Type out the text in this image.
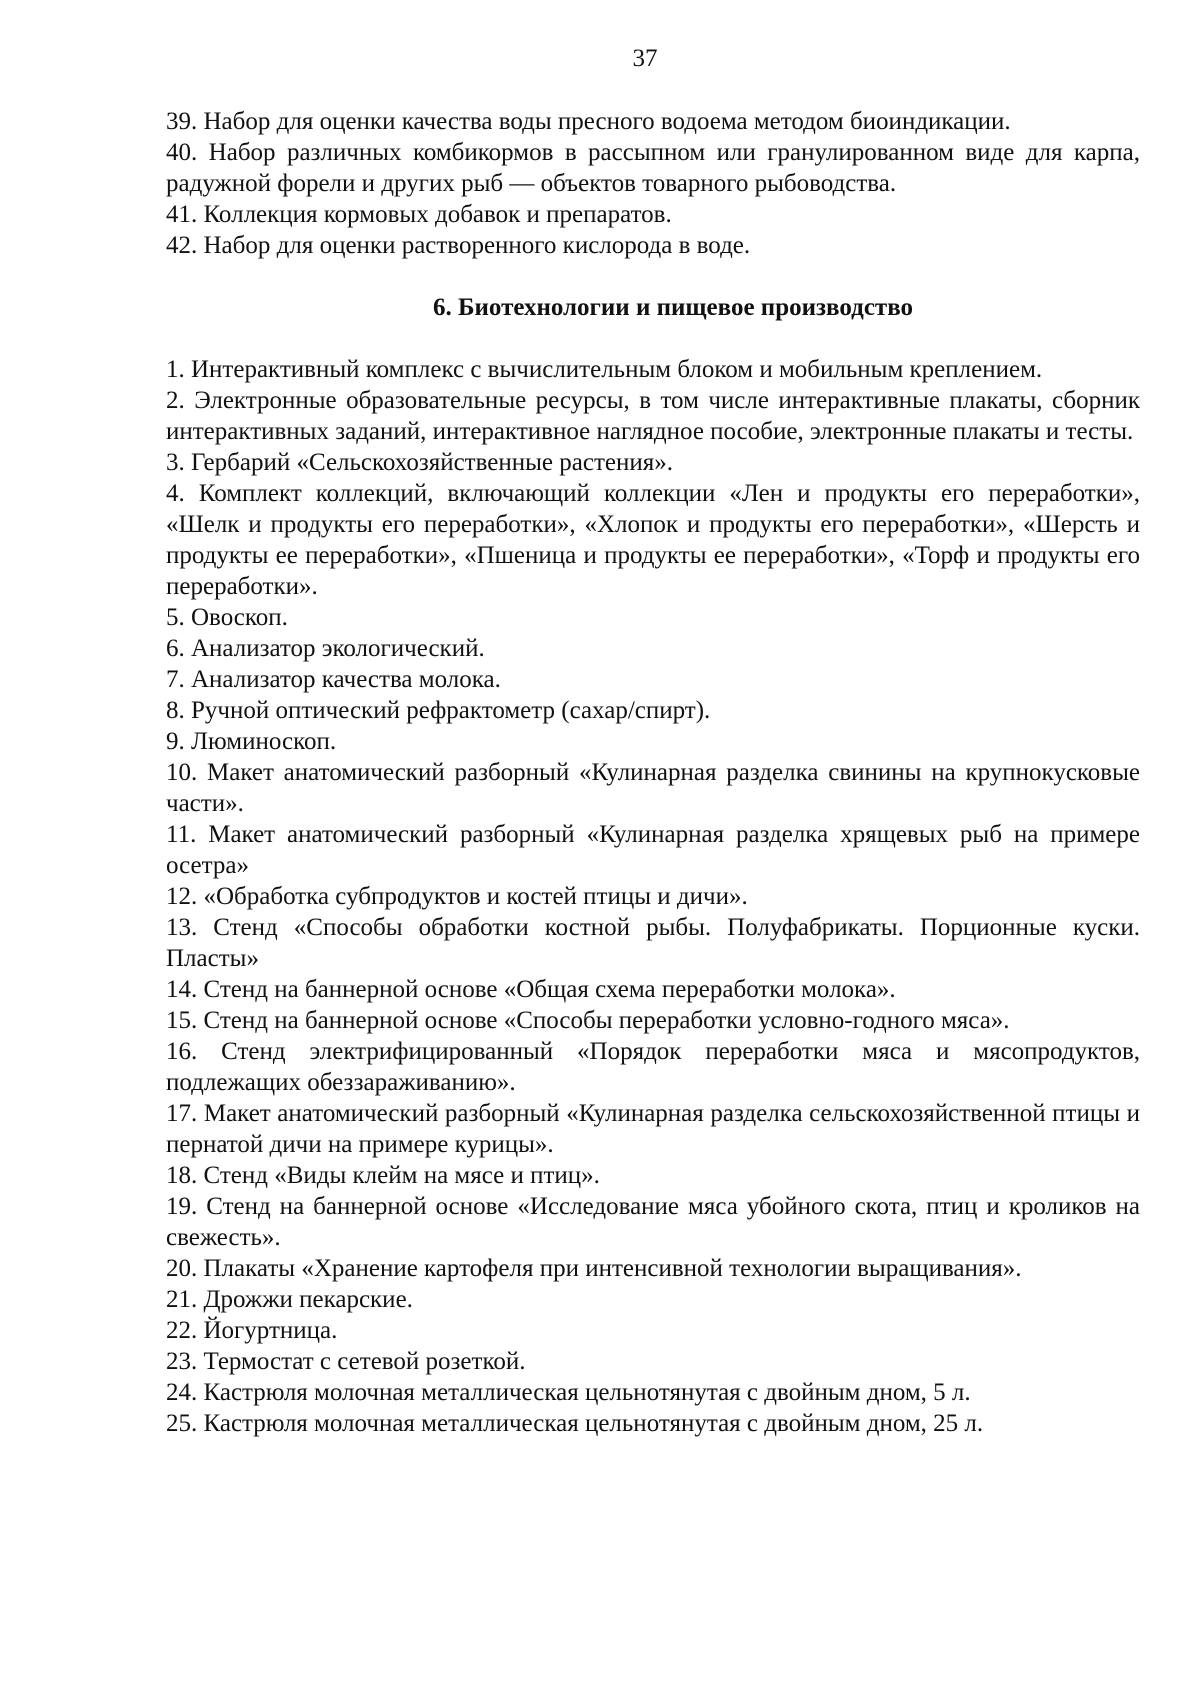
37
39. Набор для оценки качества воды пресного водоема методом биоиндикации.
40. Набор различных комбикормов в рассыпном или гранулированном виде для карпа, радужной форели и других рыб — объектов товарного рыбоводства.
41. Коллекция кормовых добавок и препаратов.
42. Набор для оценки растворенного кислорода в воде.
6. Биотехнологии и пищевое производство
1. Интерактивный комплекс с вычислительным блоком и мобильным креплением.
2. Электронные образовательные ресурсы, в том числе интерактивные плакаты, сборник интерактивных заданий, интерактивное наглядное пособие, электронные плакаты и тесты.
3. Гербарий «Сельскохозяйственные растения».
4. Комплект коллекций, включающий коллекции «Лен и продукты его переработки», «Шелк и продукты его переработки», «Хлопок и продукты его переработки», «Шерсть и продукты ее переработки», «Пшеница и продукты ее переработки», «Торф и продукты его переработки».
5. Овоскоп.
6. Анализатор экологический.
7. Анализатор качества молока.
8. Ручной оптический рефрактометр (сахар/спирт).
9. Люминоскоп.
10. Макет анатомический разборный «Кулинарная разделка свинины на крупнокусковые части».
11. Макет анатомический разборный «Кулинарная разделка хрящевых рыб на примере осетра»
12. «Обработка субпродуктов и костей птицы и дичи».
13. Стенд «Способы обработки костной рыбы. Полуфабрикаты. Порционные куски. Пласты»
14. Стенд на баннерной основе «Общая схема переработки молока».
15. Стенд на баннерной основе «Способы переработки условно-годного мяса».
16. Стенд электрифицированный «Порядок переработки мяса и мясопродуктов, подлежащих обеззараживанию».
17. Макет анатомический разборный «Кулинарная разделка сельскохозяйственной птицы и пернатой дичи на примере курицы».
18. Стенд «Виды клейм на мясе и птиц».
19. Стенд на баннерной основе «Исследование мяса убойного скота, птиц и кроликов на свежесть».
20. Плакаты «Хранение картофеля при интенсивной технологии выращивания».
21. Дрожжи пекарские.
22. Йогуртница.
23. Термостат с сетевой розеткой.
24. Кастрюля молочная металлическая цельнотянутая с двойным дном, 5 л.
25. Кастрюля молочная металлическая цельнотянутая с двойным дном, 25 л.
